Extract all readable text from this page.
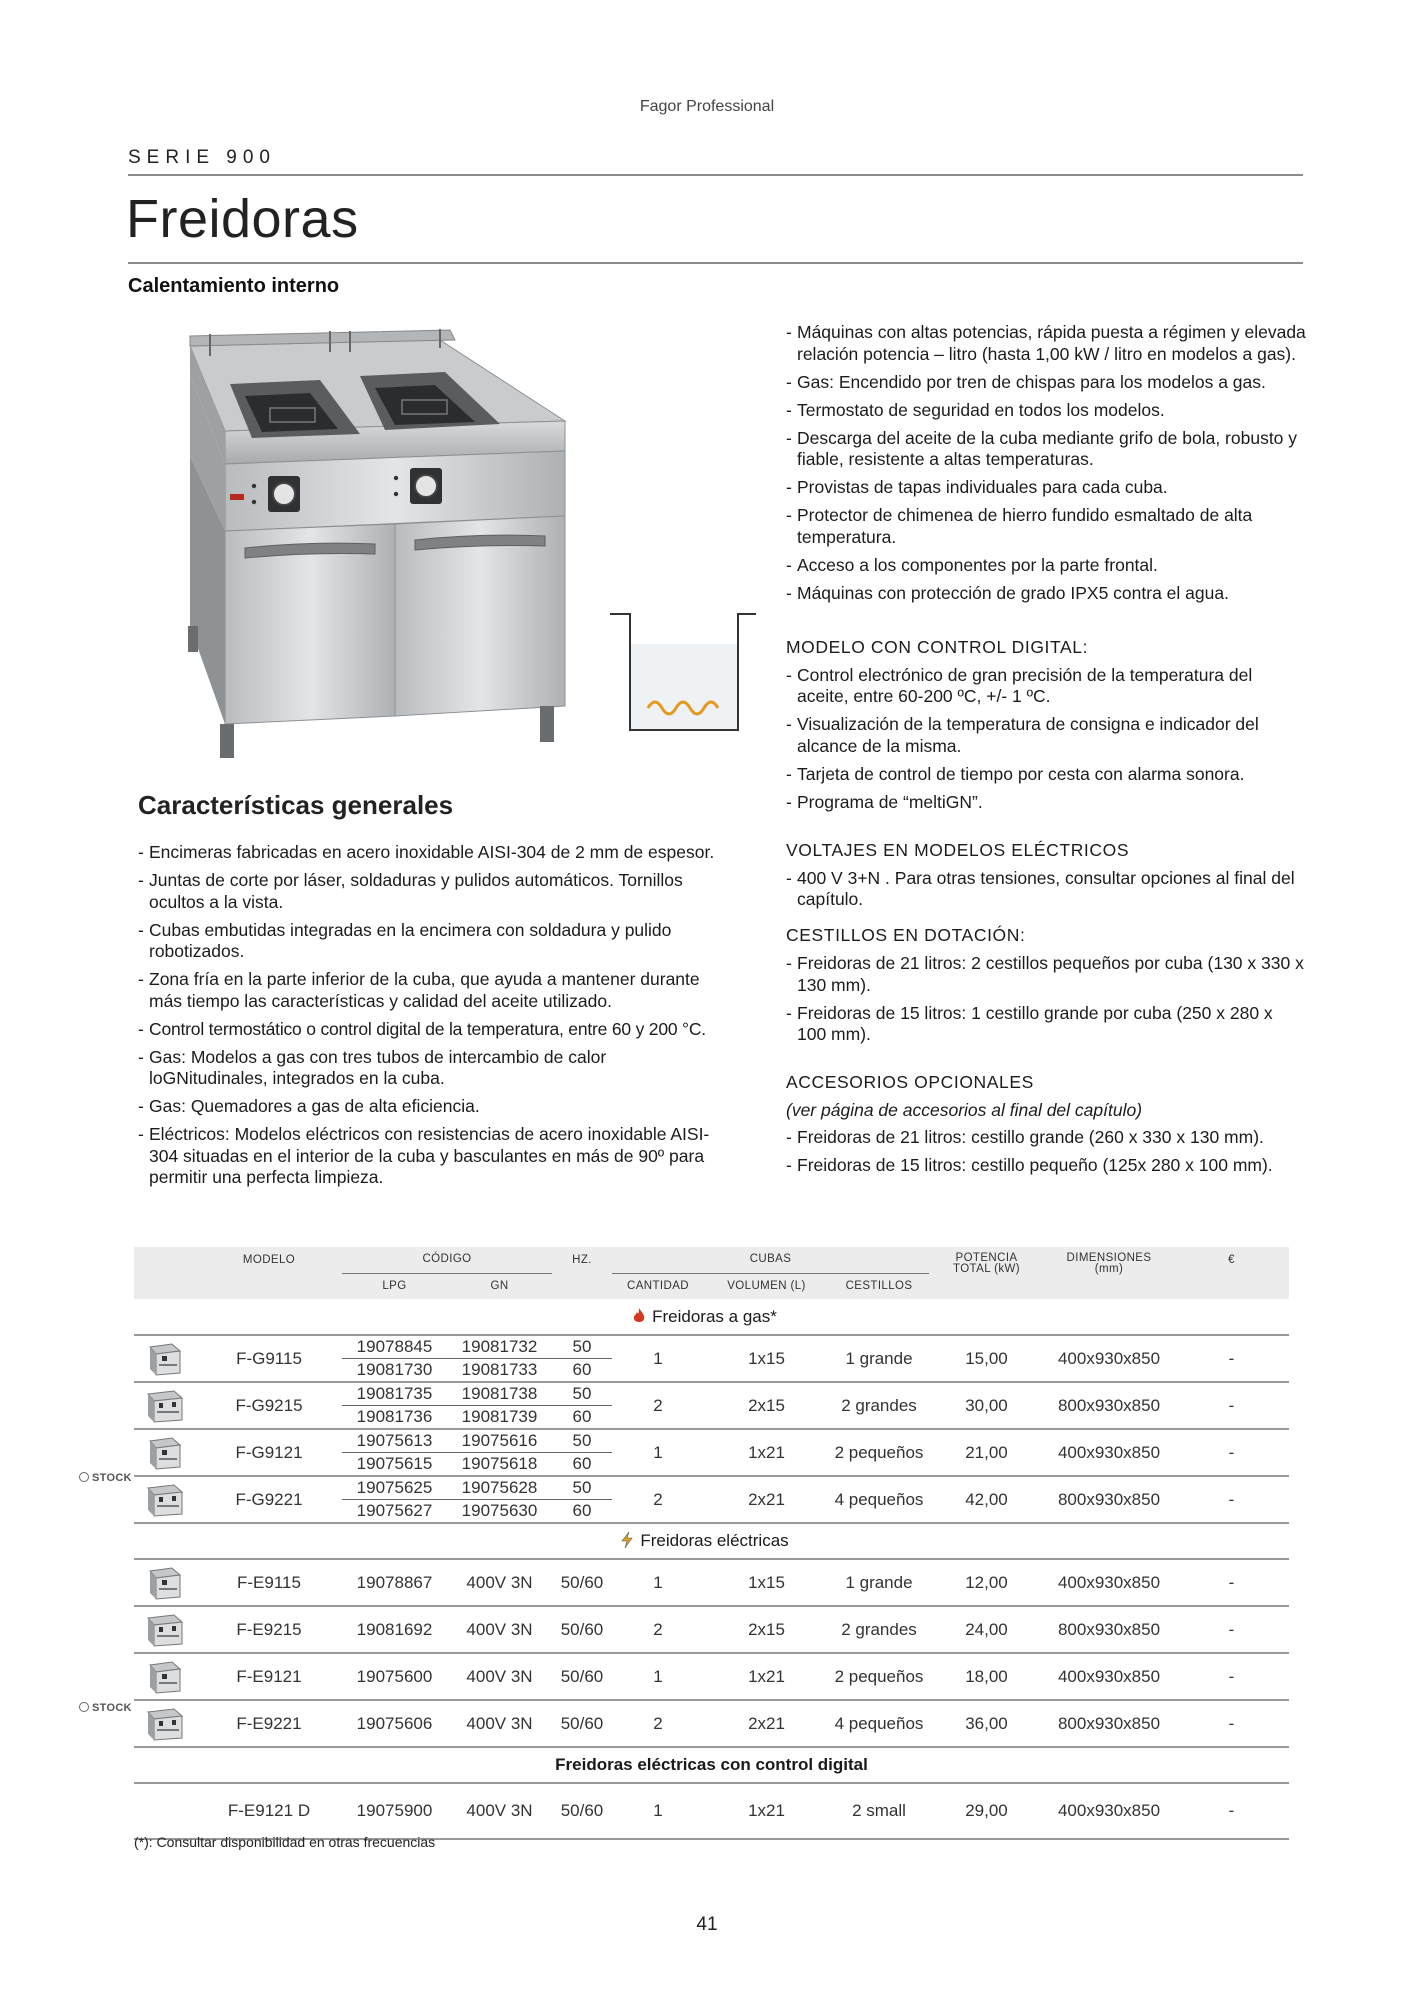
Fagor Professional
SERIE 900
Freidoras
Calentamiento interno
Características generales
- Encimeras fabricadas en acero inoxidable AISI-304 de 2 mm de espesor.
- Juntas de corte por láser, soldaduras y pulidos automáticos. Tornillos ocultos a la vista.
- Cubas embutidas integradas en la encimera con soldadura y pulido robotizados.
- Zona fría en la parte inferior de la cuba, que ayuda a mantener durante más tiempo las características y calidad del aceite utilizado.
- Control termostático o control digital de la temperatura, entre 60 y 200 °C.
- Gas: Modelos a gas con tres tubos de intercambio de calor loGNitudinales, integrados en la cuba.
- Gas: Quemadores a gas de alta eficiencia.
- Eléctricos: Modelos eléctricos con resistencias de acero inoxidable AISI-304 situadas en el interior de la cuba y basculantes en más de 90º para permitir una perfecta limpieza.
- Máquinas con altas potencias, rápida puesta a régimen y elevada relación potencia – litro (hasta 1,00 kW / litro en modelos a gas).
- Gas: Encendido por tren de chispas para los modelos a gas.
- Termostato de seguridad en todos los modelos.
- Descarga del aceite de la cuba mediante grifo de bola, robusto y fiable, resistente a altas temperaturas.
- Provistas de tapas individuales para cada cuba.
- Protector de chimenea de hierro fundido esmaltado de alta temperatura.
- Acceso a los componentes por la parte frontal.
- Máquinas con protección de grado IPX5 contra el agua.
MODELO CON CONTROL DIGITAL:
- Control electrónico de gran precisión de la temperatura del aceite, entre 60-200 ºC, +/- 1 ºC.
- Visualización de la temperatura de consigna e indicador del alcance de la misma.
- Tarjeta de control de tiempo por cesta con alarma sonora.
- Programa de “meltiGN”.
VOLTAJES EN MODELOS ELÉCTRICOS
- 400 V 3+N . Para otras tensiones, consultar opciones al final del capítulo.
CESTILLOS EN DOTACIÓN:
- Freidoras de 21 litros: 2 cestillos pequeños por cuba (130 x 330 x 130 mm).
- Freidoras de 15 litros: 1 cestillo grande por cuba (250 x 280 x 100 mm).
ACCESORIOS OPCIONALES
(ver página de accesorios al final del capítulo)
- Freidoras de 21 litros: cestillo grande (260 x 330 x 130 mm).
- Freidoras de 15 litros: cestillo pequeño (125x 280 x 100 mm).
STOCK
STOCK
	MODELO	CÓDIGO		HZ.	CUBAS			POTENCIA TOTAL (kW)	DIMENSIONES (mm)	€
		LPG	GN		CANTIDAD	VOLUMEN (L)	CESTILLOS			
Freidoras a gas*										

	F-G9115	19078845	19081732	50	1	1x15	1 grande	15,00	400x930x850	-
		19081730	19081733	60						

	F-G9215	19081735	19081738	50	2	2x15	2 grandes	30,00	800x930x850	-
		19081736	19081739	60						

	F-G9121	19075613	19075616	50	1	1x21	2 pequeños	21,00	400x930x850	-
		19075615	19075618	60						

	F-G9221	19075625	19075628	50	2	2x21	4 pequeños	42,00	800x930x850	-
		19075627	19075630	60						
Freidoras eléctricas										

	F-E9115	19078867	400V 3N	50/60	1	1x15	1 grande	12,00	400x930x850	-

	F-E9215	19081692	400V 3N	50/60	2	2x15	2 grandes	24,00	800x930x850	-

	F-E9121	19075600	400V 3N	50/60	1	1x21	2 pequeños	18,00	400x930x850	-

	F-E9221	19075606	400V 3N	50/60	2	2x21	4 pequeños	36,00	800x930x850	-
Freidoras eléctricas con control digital										
	F-E9121 D	19075900	400V 3N	50/60	1	1x21	2 small	29,00	400x930x850	-
(*): Consultar disponibilidad en otras frecuencias
41
